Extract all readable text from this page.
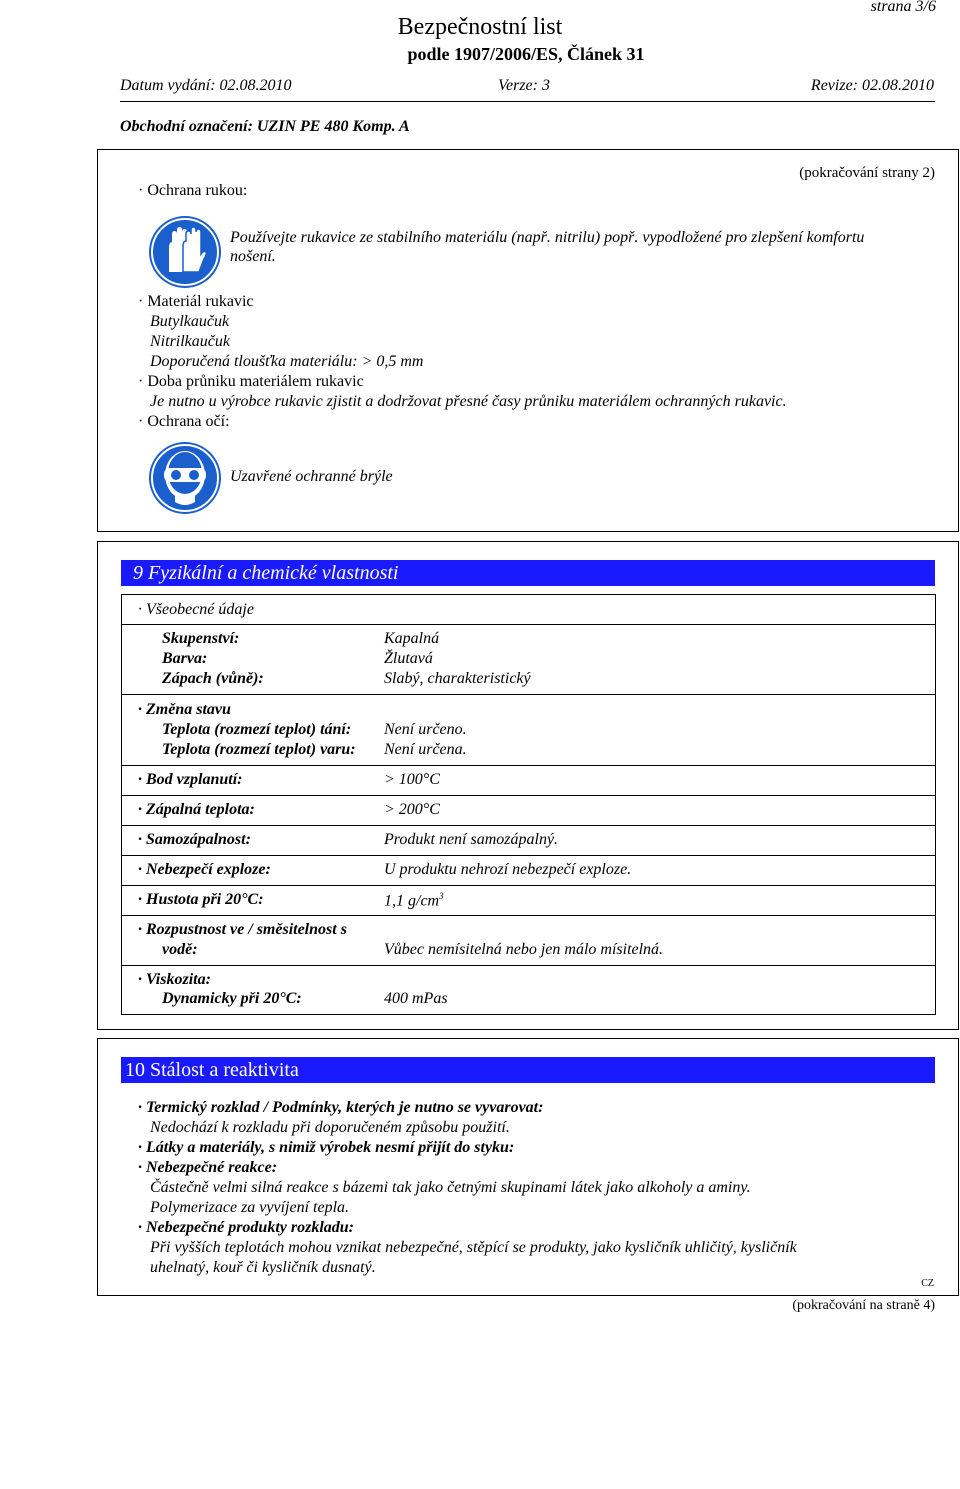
strana 3/6
Bezpečnostní list
podle 1907/2006/ES, Článek 31
Datum vydání: 02.08.2010	Verze: 3	Revize: 02.08.2010
Obchodní označení: UZIN PE 480 Komp. A
(pokračování strany 2)
· Ochrana rukou:
Používejte rukavice ze stabilního materiálu (např. nitrilu) popř. vypodložené pro zlepšení komfortu
nošení.
· Materiál rukavic
Butylkaučuk
Nitrilkaučuk
Doporučená tloušťka materiálu: > 0,5 mm
· Doba průniku materiálem rukavic
Je nutno u výrobce rukavic zjistit a dodržovat přesné časy průniku materiálem ochranných rukavic.
· Ochrana očí:
Uzavřené ochranné brýle
9 Fyzikální a chemické vlastnosti
· Všeobecné údaje
Skupenství:	Kapalná
Barva:	Žlutavá
Zápach (vůně):	Slabý, charakteristický
· Změna stavu
Teplota (rozmezí teplot) tání: Není určeno.
Teplota (rozmezí teplot) varu: Není určena.
· Bod vzplanutí:	> 100°C
· Zápalná teplota:	> 200°C
· Samozápalnost:	Produkt není samozápalný.
· Nebezpečí exploze:	U produktu nehrozí nebezpečí exploze.
· Hustota při 20°C:	1,1 $g/cm^3$
· Rozpustnost ve / směsitelnost s
vodě:	Vůbec nemísitelná nebo jen málo mísitelná.
· Viskozita:
Dynamicky při 20°C:	400 mPas
10 Stálost a reaktivita
· Termický rozklad / Podmínky, kterých je nutno se vyvarovat:
Nedochází k rozkladu při doporučeném způsobu použití.
· Látky a materiály, s nimiž výrobek nesmí přijít do styku:
· Nebezpečné reakce:
Částečně velmi silná reakce s bázemi tak jako četnými skupinami látek jako alkoholy a aminy.
Polymerizace za vyvíjení tepla.
· Nebezpečné produkty rozkladu:
Při vyšších teplotách mohou vznikat nebezpečné, stěpící se produkty, jako kysličník uhličitý, kysličník
uhelnatý, kouř či kysličník dusnatý.
CZ
(pokračování na straně 4)
